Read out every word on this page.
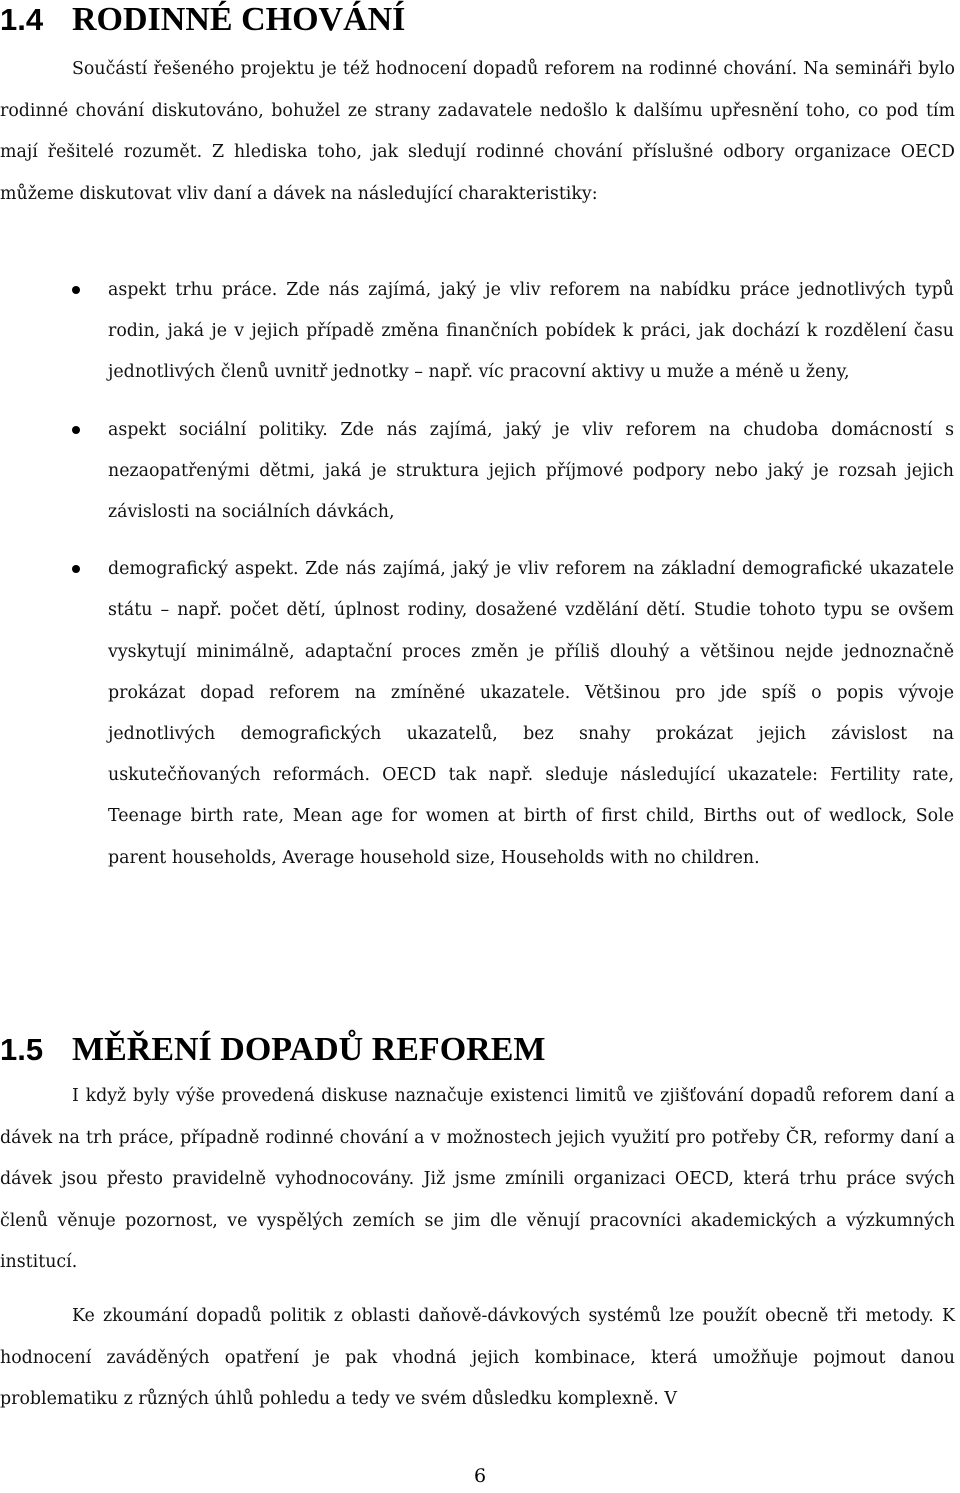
1.4 RODINNÉ CHOVÁNÍ

Součástí řešeného projektu je též hodnocení dopadů reforem na rodinné chování. Na semináři bylo rodinné chování diskutováno, bohužel ze strany zadavatele nedošlo k dalšímu upřesnění toho, co pod tím mají řešitelé rozumět. Z hlediska toho, jak sledují rodinné chování příslušné odbory organizace OECD můžeme diskutovat vliv daní a dávek na následující charakteristiky:

aspekt trhu práce. Zde nás zajímá, jaký je vliv reforem na nabídku práce jednotlivých typů rodin, jaká je v jejich případě změna finančních pobídek k práci, jak dochází k rozdělení času jednotlivých členů uvnitř jednotky – např. víc pracovní aktivy u muže a méně u ženy,
aspekt sociální politiky. Zde nás zajímá, jaký je vliv reforem na chudoba domácností s nezaopatřenými dětmi, jaká je struktura jejich příjmové podpory nebo jaký je rozsah jejich závislosti na sociálních dávkách,
demografický aspekt. Zde nás zajímá, jaký je vliv reforem na základní demografické ukazatele státu – např. počet dětí, úplnost rodiny, dosažené vzdělání dětí. Studie tohoto typu se ovšem vyskytují minimálně, adaptační proces změn je příliš dlouhý a většinou nejde jednoznačně prokázat dopad reforem na zmíněné ukazatele. Většinou pro jde spíš o popis vývoje jednotlivých demografických ukazatelů, bez snahy prokázat jejich závislost na uskutečňovaných reformách. OECD tak např. sleduje následující ukazatele: Fertility rate, Teenage birth rate, Mean age for women at birth of first child, Births out of wedlock, Sole parent households, Average household size, Households with no children.
1.5 MĚŘENÍ DOPADŮ REFOREM

I když byly výše provedená diskuse naznačuje existenci limitů ve zjišťování dopadů reforem daní a dávek na trh práce, případně rodinné chování a v možnostech jejich využití pro potřeby ČR, reformy daní a dávek jsou přesto pravidelně vyhodnocovány. Již jsme zmínili organizaci OECD, která trhu práce svých členů věnuje pozornost, ve vyspělých zemích se jim dle věnují pracovníci akademických a výzkumných institucí.

Ke zkoumání dopadů politik z oblasti daňově-dávkových systémů lze použít obecně tři metody. K hodnocení zaváděných opatření je pak vhodná jejich kombinace, která umožňuje pojmout danou problematiku z různých úhlů pohledu a tedy ve svém důsledku komplexně. V

6
